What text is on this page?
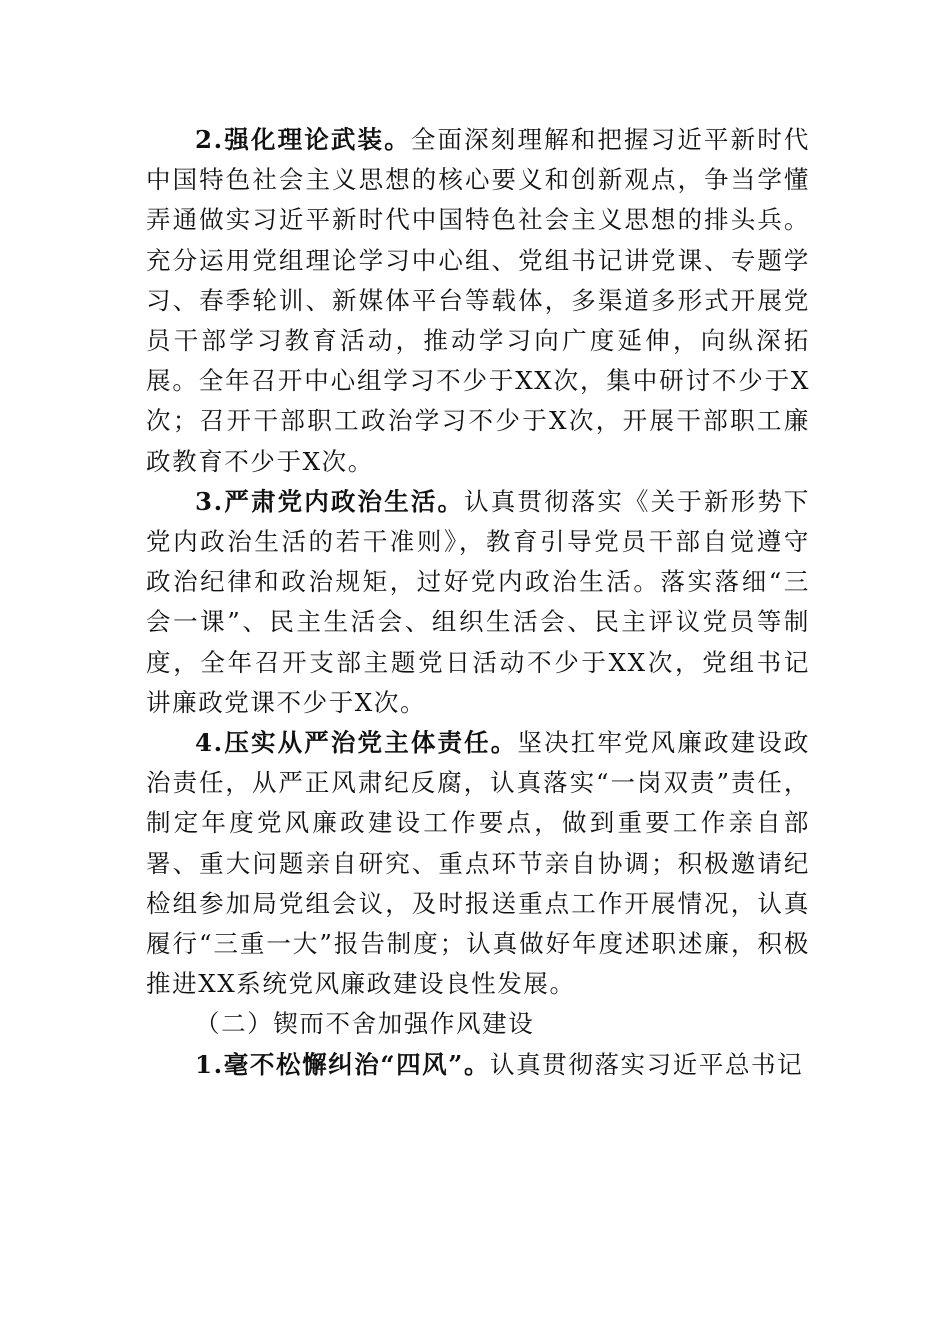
2.强化理论武装。全面深刻理解和把握习近平新时代中国特色社会主义思想的核心要义和创新观点，争当学懂弄通做实习近平新时代中国特色社会主义思想的排头兵。充分运用党组理论学习中心组、党组书记讲党课、专题学习、春季轮训、新媒体平台等载体，多渠道多形式开展党员干部学习教育活动，推动学习向广度延伸，向纵深拓展。全年召开中心组学习不少于XX次，集中研讨不少于X次；召开干部职工政治学习不少于X次，开展干部职工廉政教育不少于X次。

3.严肃党内政治生活。认真贯彻落实《关于新形势下党内政治生活的若干准则》，教育引导党员干部自觉遵守政治纪律和政治规矩，过好党内政治生活。落实落细“三会一课”、民主生活会、组织生活会、民主评议党员等制度，全年召开支部主题党日活动不少于XX次，党组书记讲廉政党课不少于X次。

4.压实从严治党主体责任。坚决扛牢党风廉政建设政治责任，从严正风肃纪反腐，认真落实“一岗双责”责任，制定年度党风廉政建设工作要点，做到重要工作亲自部署、重大问题亲自研究、重点环节亲自协调；积极邀请纪检组参加局党组会议，及时报送重点工作开展情况，认真履行“三重一大”报告制度；认真做好年度述职述廉，积极推进XX系统党风廉政建设良性发展。

（二）锲而不舍加强作风建设

1.毫不松懈纠治“四风”。认真贯彻落实习近平总书记
